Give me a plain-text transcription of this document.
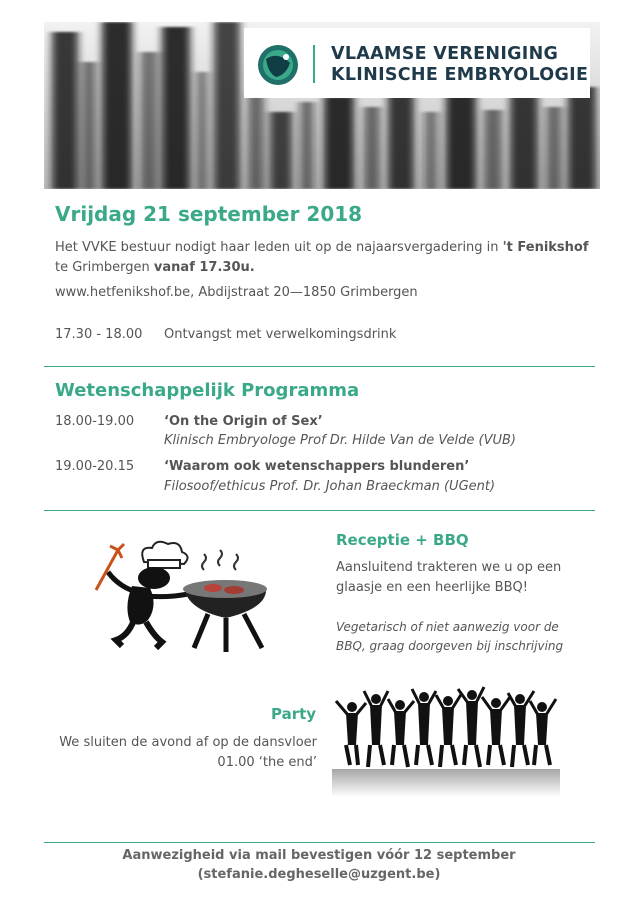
VLAAMSE VERENIGING
KLINISCHE EMBRYOLOGIE
Vrijdag 21 september 2018
Het VVKE bestuur nodigt haar leden uit op de najaarsvergadering in 't Fenikshof
te Grimbergen vanaf 17.30u.
www.hetfenikshof.be, Abdijstraat 20—1850 Grimbergen
17.30 - 18.00 Ontvangst met verwelkomingsdrink
Wetenschappelijk Programma
18.00-19.00 ‘On the Origin of Sex’
Klinisch Embryologe Prof Dr. Hilde Van de Velde (VUB)
19.00-20.15 ‘Waarom ook wetenschappers blunderen’
Filosoof/ethicus Prof. Dr. Johan Braeckman (UGent)
Receptie + BBQ
Aansluitend trakteren we u op een
glaasje en een heerlijke BBQ!
Vegetarisch of niet aanwezig voor de
BBQ, graag doorgeven bij inschrijving
Party
We sluiten de avond af op de dansvloer
01.00 ‘the end’
Aanwezigheid via mail bevestigen vóór 12 september
(stefanie.degheselle@uzgent.be)
